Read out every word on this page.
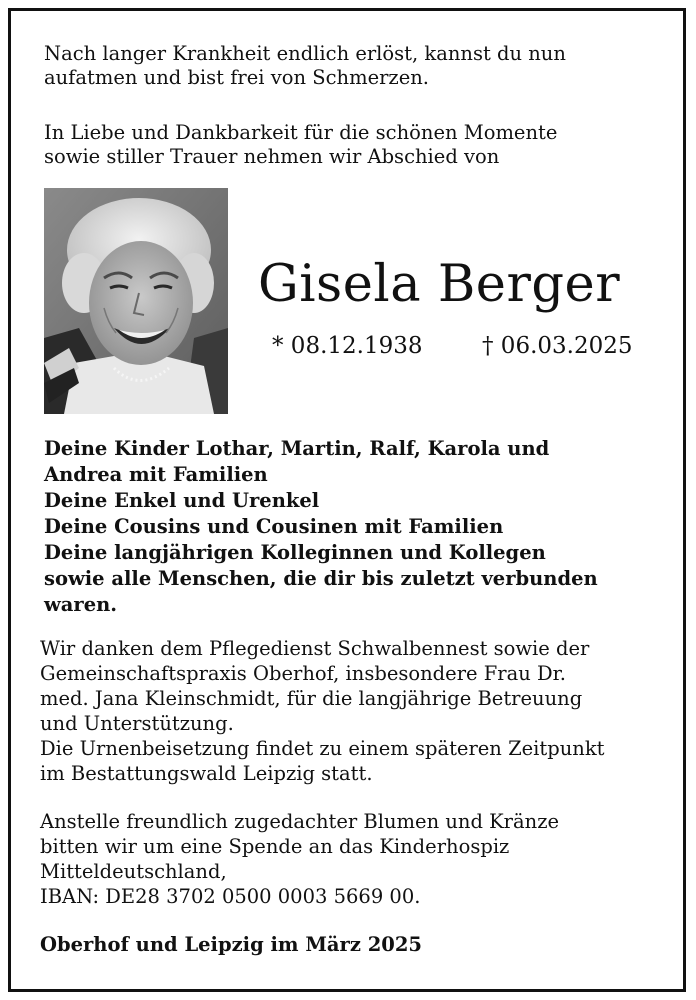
Nach langer Krankheit endlich erlöst, kannst du nun

aufatmen und bist frei von Schmerzen.

In Liebe und Dankbarkeit für die schönen Momente

sowie stiller Trauer nehmen wir Abschied von

Gisela Berger
* 08.12.1938	† 06.03.2025
Deine Kinder Lothar, Martin, Ralf, Karola und
Andrea mit Familien
Deine Enkel und Urenkel
Deine Cousins und Cousinen mit Familien
Deine langjährigen Kolleginnen und Kollegen
sowie alle Menschen, die dir bis zuletzt verbunden
waren.

Wir danken dem Pflegedienst Schwalbennest sowie der

Gemeinschaftspraxis Oberhof, insbesondere Frau Dr.

med. Jana Kleinschmidt, für die langjährige Betreuung

und Unterstützung.

Die Urnenbeisetzung findet zu einem späteren Zeitpunkt

im Bestattungswald Leipzig statt.

Anstelle freundlich zugedachter Blumen und Kränze

bitten wir um eine Spende an das Kinderhospiz

Mitteldeutschland,

IBAN: DE28 3702 0500 0003 5669 00.

Oberhof und Leipzig im März 2025
